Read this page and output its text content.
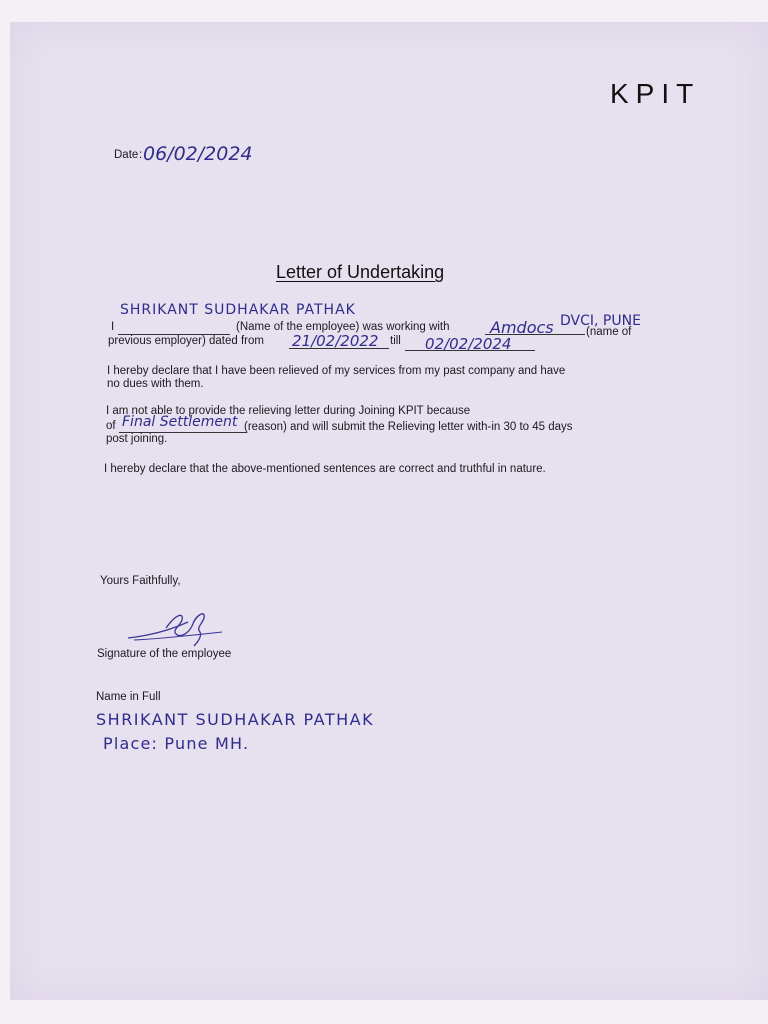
KPIT
Date : 06/02/2024
Letter of Undertaking
SHRIKANT SUDHAKAR PATHAK
I	(Name of the employee) was working with	Amdocs DVCI, PUNE
(name of
previous employer) dated from 21/02/2022 till 02/02/2024
I hereby declare that I have been relieved of my services from my past company and have
no dues with them.
I am not able to provide the relieving letter during Joining KPIT because
of Final Settlement (reason) and will submit the Relieving letter with-in 30 to 45 days
post joining.
I hereby declare that the above-mentioned sentences are correct and truthful in nature.
Yours Faithfully,
Signature of the employee
Name in Full
SHRIKANT SUDHAKAR PATHAK
Place: Pune MH.
